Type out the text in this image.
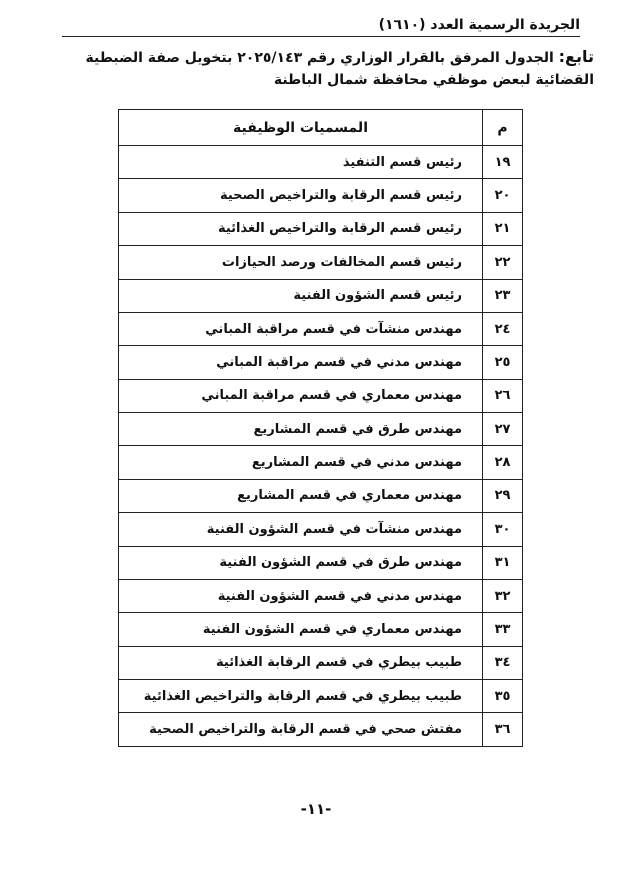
الجريدة الرسمية العدد (١٦١٠)
تابع: الجدول المرفق بالقرار الوزاري رقم ٢٠٢٥/١٤٣ بتخويل صفة الضبطية القضائية لبعض موظفي محافظة شمال الباطنة
م	المسميات الوظيفية
١٩	رئيس قسم التنفيذ
٢٠	رئيس قسم الرقابة والتراخيص الصحية
٢١	رئيس قسم الرقابة والتراخيص الغذائية
٢٢	رئيس قسم المخالفات ورصد الحيازات
٢٣	رئيس قسم الشؤون الفنية
٢٤	مهندس منشآت في قسم مراقبة المباني
٢٥	مهندس مدني في قسم مراقبة المباني
٢٦	مهندس معماري في قسم مراقبة المباني
٢٧	مهندس طرق في قسم المشاريع
٢٨	مهندس مدني في قسم المشاريع
٢٩	مهندس معماري في قسم المشاريع
٣٠	مهندس منشآت في قسم الشؤون الفنية
٣١	مهندس طرق في قسم الشؤون الفنية
٣٢	مهندس مدني في قسم الشؤون الفنية
٣٣	مهندس معماري في قسم الشؤون الفنية
٣٤	طبيب بيطري في قسم الرقابة الغذائية
٣٥	طبيب بيطري في قسم الرقابة والتراخيص الغذائية
٣٦	مفتش صحي في قسم الرقابة والتراخيص الصحية
-١١-
